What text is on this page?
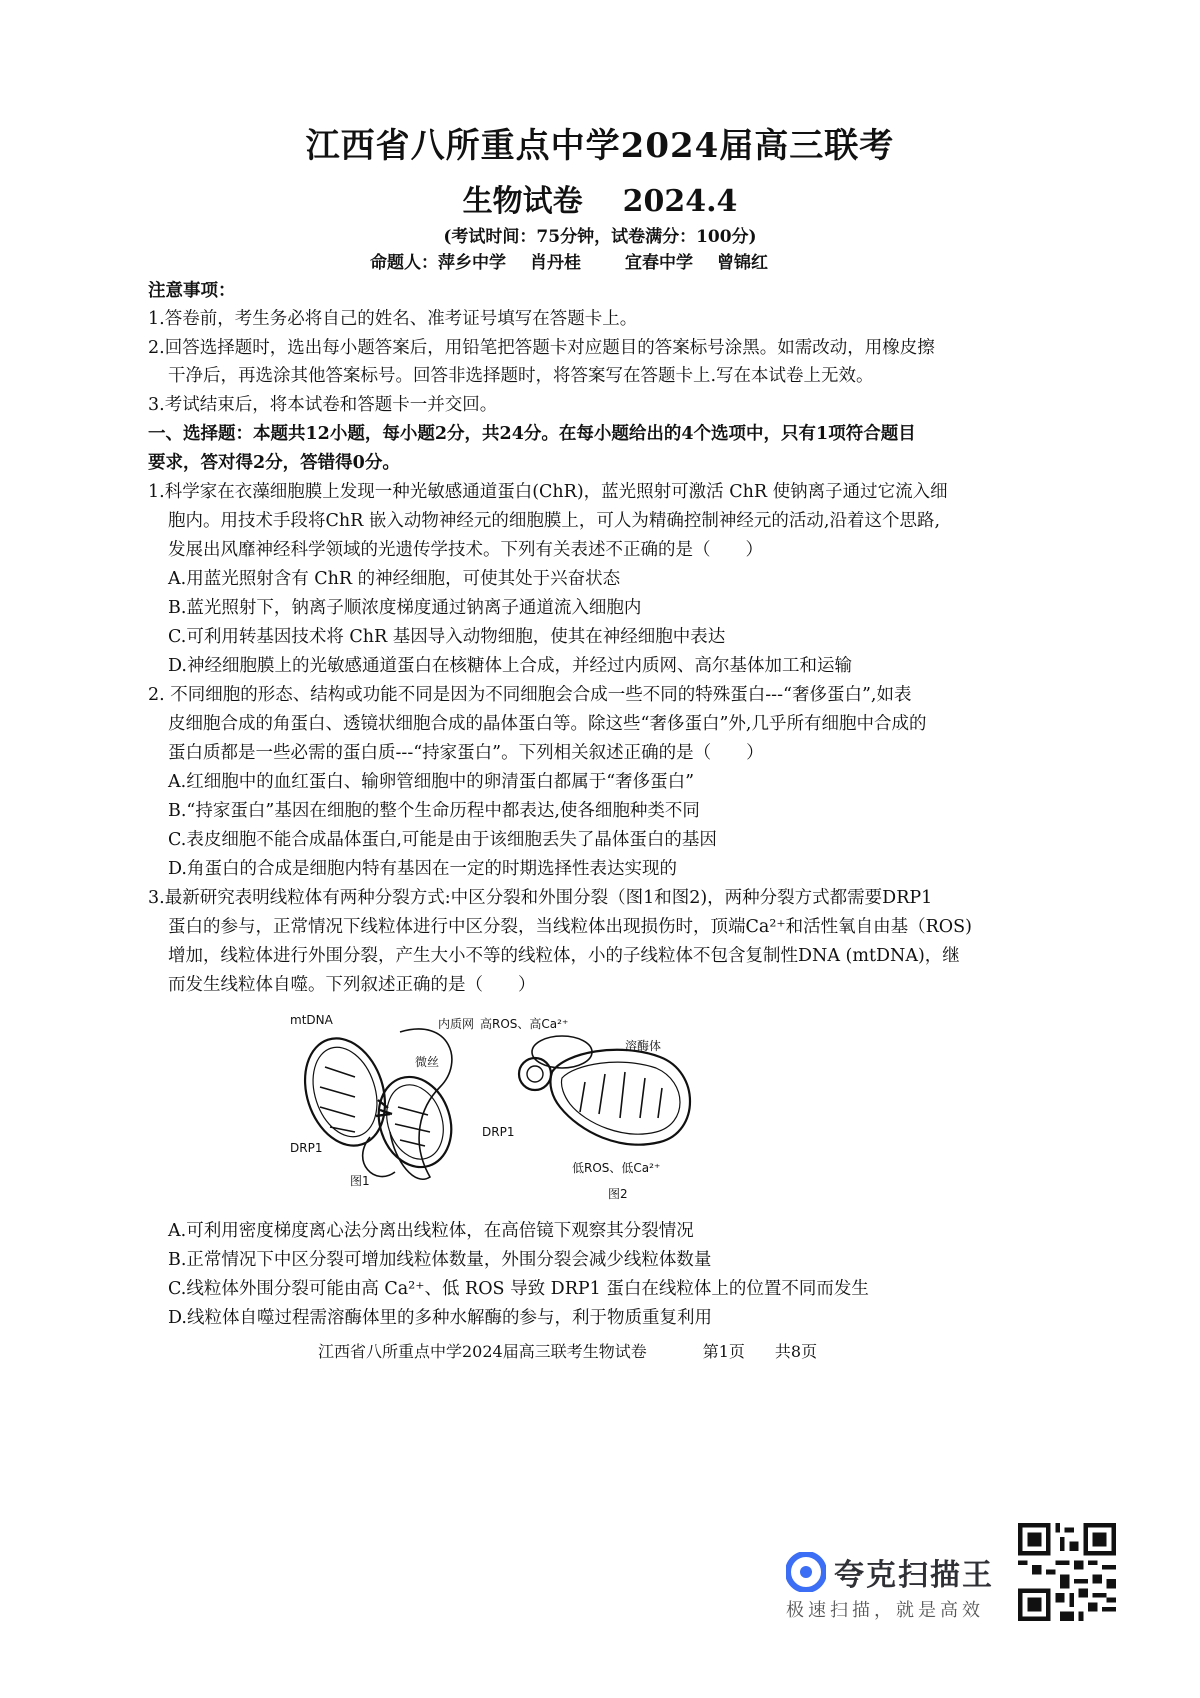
江西省八所重点中学2024届高三联考
生物试卷 2024.4
(考试时间：75分钟，试卷满分：100分)
命题人：萍乡中学 肖丹桂	宜春中学 曾锦红
注意事项：
1.答卷前，考生务必将自己的姓名、准考证号填写在答题卡上。
2.回答选择题时，选出每小题答案后，用铅笔把答题卡对应题目的答案标号涂黑。如需改动，用橡皮擦
干净后，再选涂其他答案标号。回答非选择题时，将答案写在答题卡上.写在本试卷上无效。
3.考试结束后，将本试卷和答题卡一并交回。
一、选择题：本题共12小题，每小题2分，共24分。在每小题给出的4个选项中，只有1项符合题目
要求，答对得2分，答错得0分。
1.科学家在衣藻细胞膜上发现一种光敏感通道蛋白(ChR)，蓝光照射可激活 ChR 使钠离子通过它流入细
胞内。用技术手段将ChR 嵌入动物神经元的细胞膜上，可人为精确控制神经元的活动,沿着这个思路,
发展出风靡神经科学领域的光遗传学技术。下列有关表述不正确的是（　　）
A.用蓝光照射含有 ChR 的神经细胞，可使其处于兴奋状态
B.蓝光照射下，钠离子顺浓度梯度通过钠离子通道流入细胞内
C.可利用转基因技术将 ChR 基因导入动物细胞，使其在神经细胞中表达
D.神经细胞膜上的光敏感通道蛋白在核糖体上合成，并经过内质网、高尔基体加工和运输
2. 不同细胞的形态、结构或功能不同是因为不同细胞会合成一些不同的特殊蛋白---“奢侈蛋白”,如表
皮细胞合成的角蛋白、透镜状细胞合成的晶体蛋白等。除这些“奢侈蛋白”外,几乎所有细胞中合成的
蛋白质都是一些必需的蛋白质---“持家蛋白”。下列相关叙述正确的是（　　）
A.红细胞中的血红蛋白、输卵管细胞中的卵清蛋白都属于“奢侈蛋白”
B.“持家蛋白”基因在细胞的整个生命历程中都表达,使各细胞种类不同
C.表皮细胞不能合成晶体蛋白,可能是由于该细胞丢失了晶体蛋白的基因
D.角蛋白的合成是细胞内特有基因在一定的时期选择性表达实现的
3.最新研究表明线粒体有两种分裂方式:中区分裂和外围分裂（图1和图2)，两种分裂方式都需要DRP1
蛋白的参与，正常情况下线粒体进行中区分裂，当线粒体出现损伤时，顶端Ca²⁺和活性氧自由基（ROS)
增加，线粒体进行外围分裂，产生大小不等的线粒体，小的子线粒体不包含复制性DNA (mtDNA)，继
而发生线粒体自噬。下列叙述正确的是（　　）
mtDNA	内质网
微丝
DRP1
图1
高ROS、高Ca²⁺
溶酶体
DRP1
低ROS、低Ca²⁺
图2
A.可利用密度梯度离心法分离出线粒体，在高倍镜下观察其分裂情况
B.正常情况下中区分裂可增加线粒体数量，外围分裂会减少线粒体数量
C.线粒体外围分裂可能由高 Ca²⁺、低 ROS 导致 DRP1 蛋白在线粒体上的位置不同而发生
D.线粒体自噬过程需溶酶体里的多种水解酶的参与，利于物质重复利用
江西省八所重点中学2024届高三联考生物试卷	第1页 共8页
夸克扫描王
极速扫描，就是高效
